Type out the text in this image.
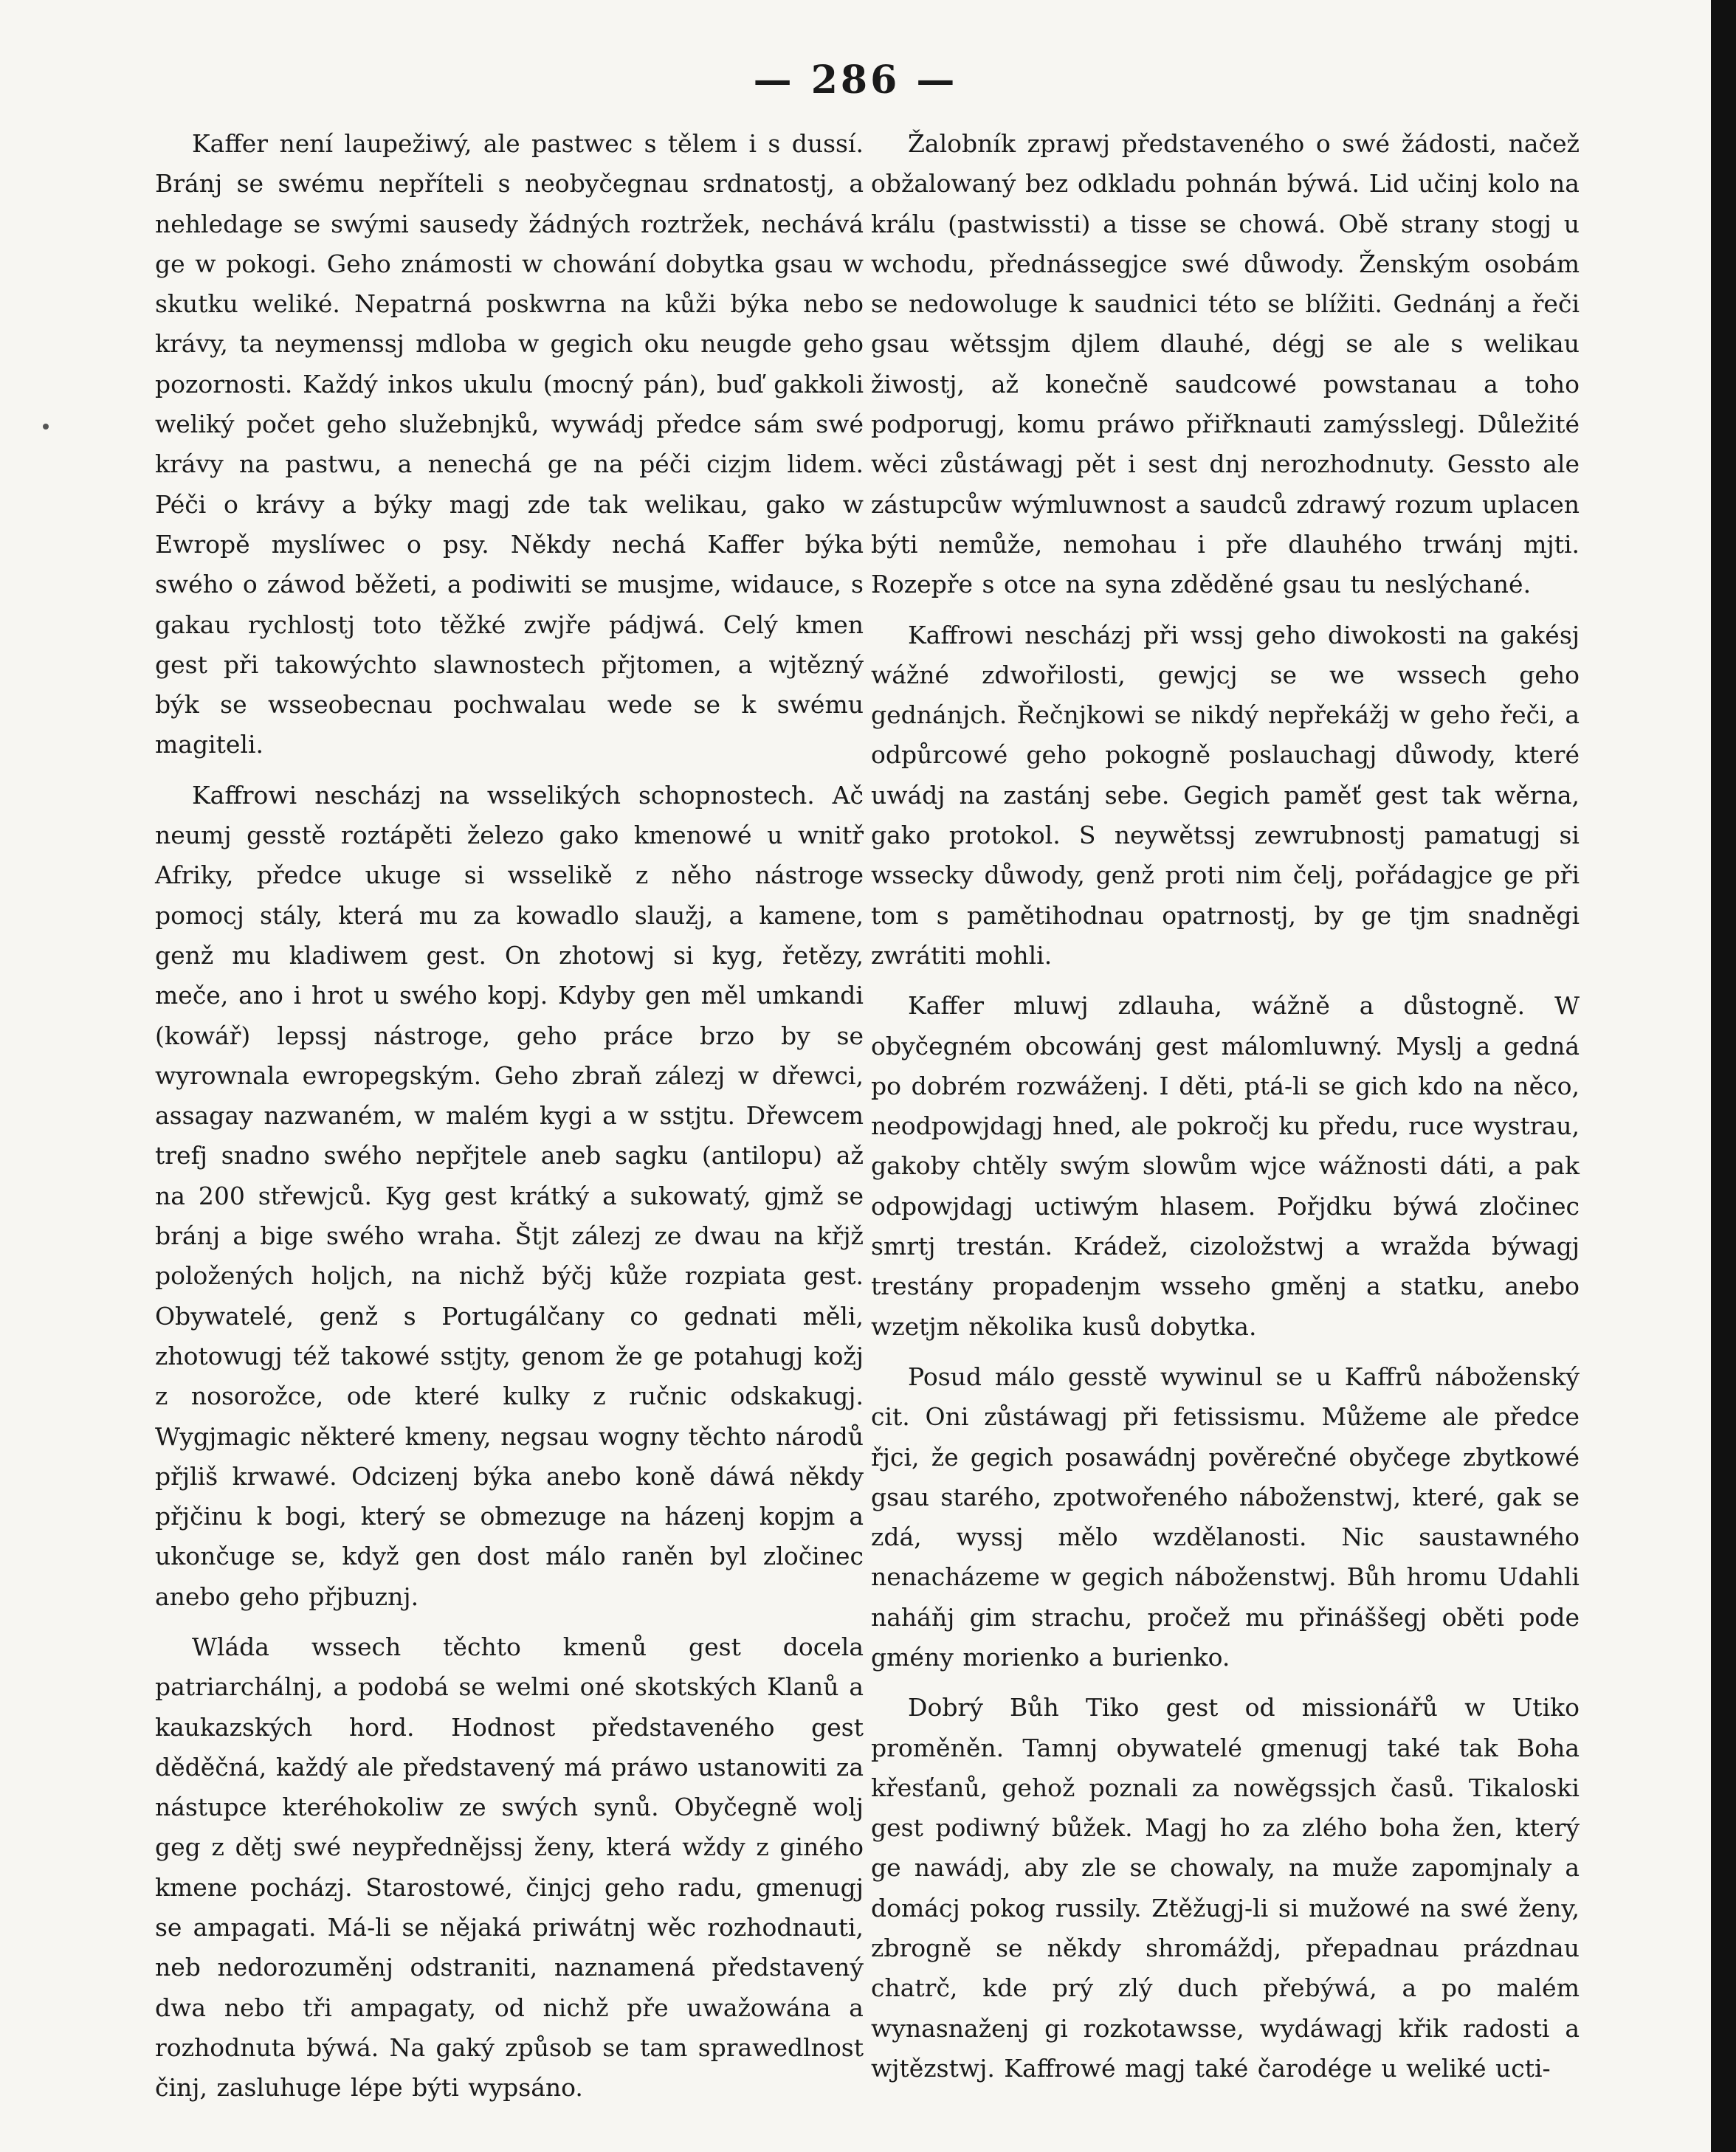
— 286 —

Kaffer není laupežiwý, ale pastwec s tělem i s dussí. Bránj se swému nepříteli s neobyčegnau srdnatostj, a nehledage se swými sausedy žádných roztržek, nechává ge w pokogi. Geho známosti w chowání dobytka gsau w skutku weliké. Nepatrná poskwrna na kůži býka nebo krávy, ta neymenssj mdloba w gegich oku neugde geho pozornosti. Každý inkos ukulu (mocný pán), buď gakkoli weliký počet geho služebnjků, wywádj předce sám swé krávy na pastwu, a nenechá ge na péči cizjm lidem. Péči o krávy a býky magj zde tak welikau, gako w Ewropě myslíwec o psy. Někdy nechá Kaffer býka swého o záwod běžeti, a podiwiti se musjme, widauce, s gakau rychlostj toto těžké zwjře pádjwá. Celý kmen gest při takowýchto slawnostech přjtomen, a wjtězný býk se wsseobecnau pochwalau wede se k swému magiteli.

Kaffrowi nescházj na wsselikých schopnostech. Ač neumj gesstě roztápěti železo gako kmenowé u wnitř Afriky, předce ukuge si wsselikě z něho nástroge pomocj stály, která mu za kowadlo slaužj, a kamene, genž mu kladiwem gest. On zhotowj si kyg, řetězy, meče, ano i hrot u swého kopj. Kdyby gen měl umkandi (kowář) lepssj nástroge, geho práce brzo by se wyrownala ewropegským. Geho zbraň zálezj w dřewci, assagay nazwaném, w malém kygi a w sstjtu. Dřewcem trefj snadno swého nepřjtele aneb sagku (antilopu) až na 200 střewjců. Kyg gest krátký a sukowatý, gjmž se bránj a bige swého wraha. Štjt zálezj ze dwau na křjž položených holjch, na nichž býčj kůže rozpiata gest. Obywatelé, genž s Portugálčany co gednati měli, zhotowugj též takowé sstjty, genom že ge potahugj kožj z nosorožce, ode které kulky z ručnic odskakugj. Wygjmagic některé kmeny, negsau wogny těchto národů přjliš krwawé. Odcizenj býka anebo koně dáwá někdy přjčinu k bogi, který se obmezuge na házenj kopjm a ukončuge se, když gen dost málo raněn byl zločinec anebo geho přjbuznj.

Wláda wssech těchto kmenů gest docela patriarchálnj, a podobá se welmi oné skotských Klanů a kaukazských hord. Hodnost představeného gest děděčná, každý ale představený má práwo ustanowiti za nástupce kteréhokoliw ze swých synů. Obyčegně wolj geg z dětj swé neypřednějssj ženy, která wždy z giného kmene pocházj. Starostowé, činjcj geho radu, gmenugj se ampagati. Má-li se nějaká priwátnj wěc rozhodnauti, neb nedorozuměnj odstraniti, naznamená představený dwa nebo tři ampagaty, od nichž pře uwažowána a rozhodnuta býwá. Na gaký způsob se tam sprawedlnost činj, zasluhuge lépe býti wypsáno.

Žalobník zprawj představeného o swé žádosti, načež obžalowaný bez odkladu pohnán býwá. Lid učinj kolo na králu (pastwissti) a tisse se chowá. Obě strany stogj u wchodu, přednássegjce swé důwody. Ženským osobám se nedowoluge k saudnici této se blížiti. Gednánj a řeči gsau wětssjm djlem dlauhé, dégj se ale s welikau žiwostj, až konečně saudcowé powstanau a toho podporugj, komu práwo přiřknauti zamýsslegj. Důležité wěci zůstáwagj pět i sest dnj nerozhodnuty. Gessto ale zástupcůw wýmluwnost a saudců zdrawý rozum uplacen býti nemůže, nemohau i pře dlauhého trwánj mjti. Rozepře s otce na syna zděděné gsau tu neslýchané.

Kaffrowi nescházj při wssj geho diwokosti na gakésj wážné zdwořilosti, gewjcj se we wssech geho gednánjch. Řečnjkowi se nikdý nepřekážj w geho řeči, a odpůrcowé geho pokogně poslauchagj důwody, které uwádj na zastánj sebe. Gegich paměť gest tak wěrna, gako protokol. S neywětssj zewrubnostj pamatugj si wssecky důwody, genž proti nim čelj, pořádagjce ge při tom s pamětihodnau opatrnostj, by ge tjm snadněgi zwrátiti mohli.

Kaffer mluwj zdlauha, wážně a důstogně. W obyčegném obcowánj gest málomluwný. Myslj a gedná po dobrém rozwáženj. I děti, ptá-li se gich kdo na něco, neodpowjdagj hned, ale pokročj ku předu, ruce wystrau, gakoby chtěly swým slowům wjce wážnosti dáti, a pak odpowjdagj uctiwým hlasem. Pořjdku býwá zločinec smrtj trestán. Krádež, cizoložstwj a wražda býwagj trestány propadenjm wsseho gměnj a statku, anebo wzetjm několika kusů dobytka.

Posud málo gesstě wywinul se u Kaffrů náboženský cit. Oni zůstáwagj při fetissismu. Můžeme ale předce řjci, že gegich posawádnj pověrečné obyčege zbytkowé gsau starého, zpotwořeného náboženstwj, které, gak se zdá, wyssj mělo wzdělanosti. Nic saustawného nenacházeme w gegich náboženstwj. Bůh hromu Udahli naháňj gim strachu, pročež mu přináššegj oběti pode gmény morienko a burienko.

Dobrý Bůh Tiko gest od missionářů w Utiko proměněn. Tamnj obywatelé gmenugj také tak Boha křesťanů, gehož poznali za nowěgssjch časů. Tikaloski gest podiwný bůžek. Magj ho za zlého boha žen, který ge nawádj, aby zle se chowaly, na muže zapomjnaly a domácj pokog russily. Ztěžugj-li si mužowé na swé ženy, zbrogně se někdy shromáždj, přepadnau prázdnau chatrč, kde prý zlý duch přebýwá, a po malém wynasnaženj gi rozkotawsse, wydáwagj křik radosti a wjtězstwj. Kaffrowé magj také čarodége u weliké ucti-
